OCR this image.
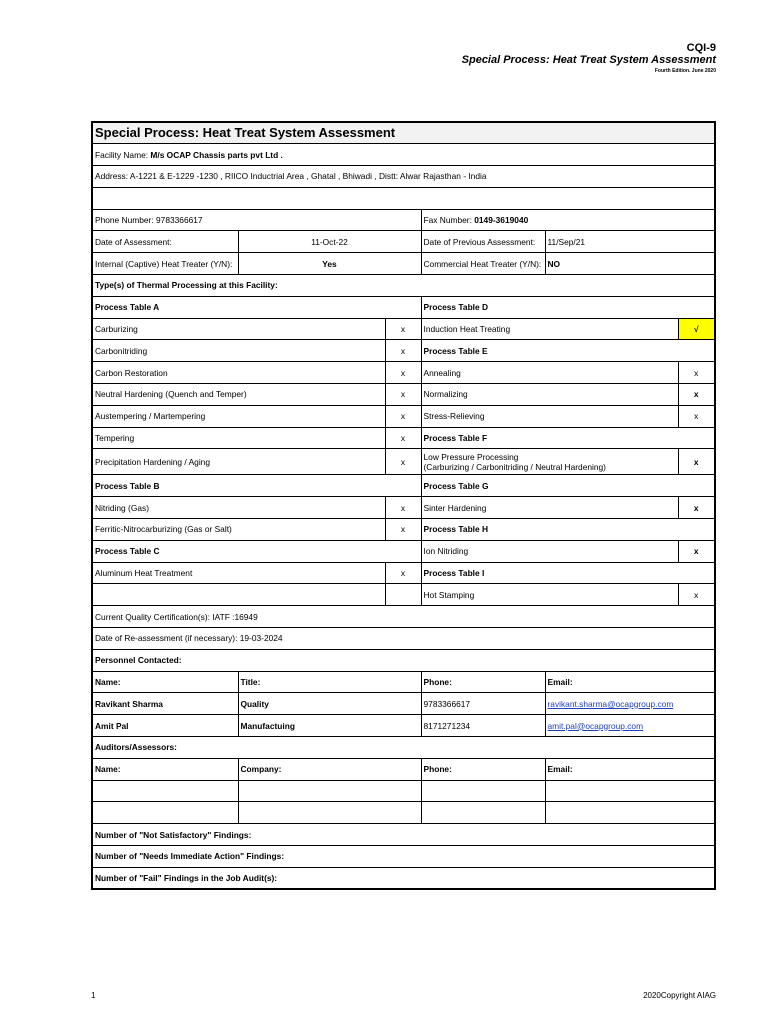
CQI-9
Special Process: Heat Treat System Assessment
Fourth Edition, June 2020
Special Process: Heat Treat System Assessment					
Facility Name: M/s OCAP Chassis parts pvt Ltd .					
Address: A-1221 & E-1229 -1230 , RIICO Inductrial Area , Ghatal , Bhiwadi , Distt: Alwar Rajasthan - India					

Phone Number: 9783366617			Fax Number: 0149-3619040		
Date of Assessment:	11-Oct-22		Date of Previous Assessment:	11/Sep/21	
Internal (Captive) Heat Treater (Y/N):	Yes		Commercial Heat Treater (Y/N):	NO	
Type(s) of Thermal Processing at this Facility:					
Process Table A			Process Table D		
Carburizing		x	Induction Heat Treating		√
Carbonitriding		x	Process Table E		
Carbon Restoration		x	Annealing		x
Neutral Hardening (Quench and Temper)		x	Normalizing		x
Austempering / Martempering		x	Stress-Relieving		x
Tempering		x	Process Table F		
Precipitation Hardening / Aging		x	Low Pressure Processing
(Carburizing / Carbonitriding / Neutral Hardening)		x
Process Table B			Process Table G		
Nitriding (Gas)		x	Sinter Hardening		x
Ferritic-Nitrocarburizing (Gas or Salt)		x	Process Table H		
Process Table C			Ion Nitriding		x
Aluminum Heat Treatment		x	Process Table I		
			Hot Stamping		x
Current Quality Certification(s): IATF :16949					
Date of Re-assessment (if necessary): 19-03-2024					
Personnel Contacted:					
Name:	Title:		Phone:	Email:	
Ravikant Sharma	Quality		9783366617	ravikant.sharma@ocapgroup.com	
Amit Pal	Manufactuing		8171271234	amit.pal@ocapgroup.com	
Auditors/Assessors:					
Name:	Company:		Phone:	Email:	

Number of "Not Satisfactory" Findings:					
Number of "Needs Immediate Action" Findings:					
Number of "Fail" Findings in the Job Audit(s):					
1	2020Copyright AIAG
